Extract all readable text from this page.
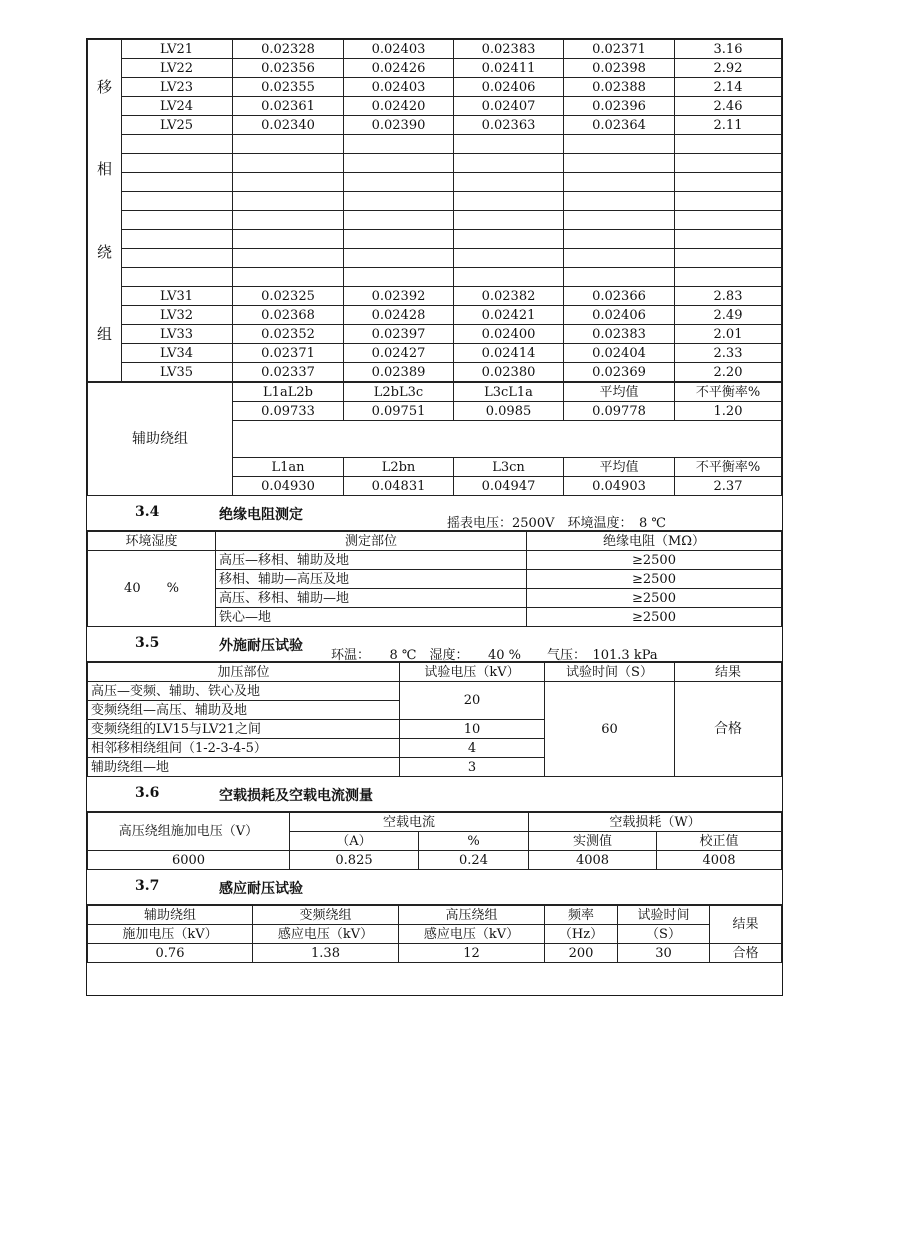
移
相
绕
组	LV21	0.02328	0.02403	0.02383	0.02371	3.16
	LV22	0.02356	0.02426	0.02411	0.02398	2.92
	LV23	0.02355	0.02403	0.02406	0.02388	2.14
	LV24	0.02361	0.02420	0.02407	0.02396	2.46
	LV25	0.02340	0.02390	0.02363	0.02364	2.11

	LV31	0.02325	0.02392	0.02382	0.02366	2.83
	LV32	0.02368	0.02428	0.02421	0.02406	2.49
	LV33	0.02352	0.02397	0.02400	0.02383	2.01
	LV34	0.02371	0.02427	0.02414	0.02404	2.33
	LV35	0.02337	0.02389	0.02380	0.02369	2.20
辅助绕组	L1aL2b	L2bL3c	L3cL1a	平均值	不平衡率%
	0.09733	0.09751	0.0985	0.09778	1.20

	L1an	L2bn	L3cn	平均值	不平衡率%
	0.04930	0.04831	0.04947	0.04903	2.37
3.4	绝缘电阻测定
摇表电压：2500V　环境温度：　8 ℃
环境湿度	测定部位	绝缘电阻（MΩ）
40　　%	高压—移相、辅助及地	≥2500
	移相、辅助—高压及地	≥2500
	高压、移相、辅助—地	≥2500
	铁心—地	≥2500
3.5	外施耐压试验
环温：　　8 ℃　湿度：　　40 %　　气压：　101.3 kPa
加压部位	试验电压（kV）	试验时间（S）	结果
高压—变频、辅助、铁心及地	20	60	合格
变频绕组—高压、辅助及地			
变频绕组的LV15与LV21之间	10		
相邻移相绕组间（1-2-3-4-5）	4		
辅助绕组—地	3		
3.6	空载损耗及空载电流测量
高压绕组施加电压（V）	空载电流		空载损耗（W）	
	（A）	%	实测值	校正值
6000	0.825	0.24	4008	4008
3.7	感应耐压试验
辅助绕组	变频绕组	高压绕组	频率	试验时间	结果
施加电压（kV）	感应电压（kV）	感应电压（kV）	（Hz）	（S）	
0.76	1.38	12	200	30	合格
